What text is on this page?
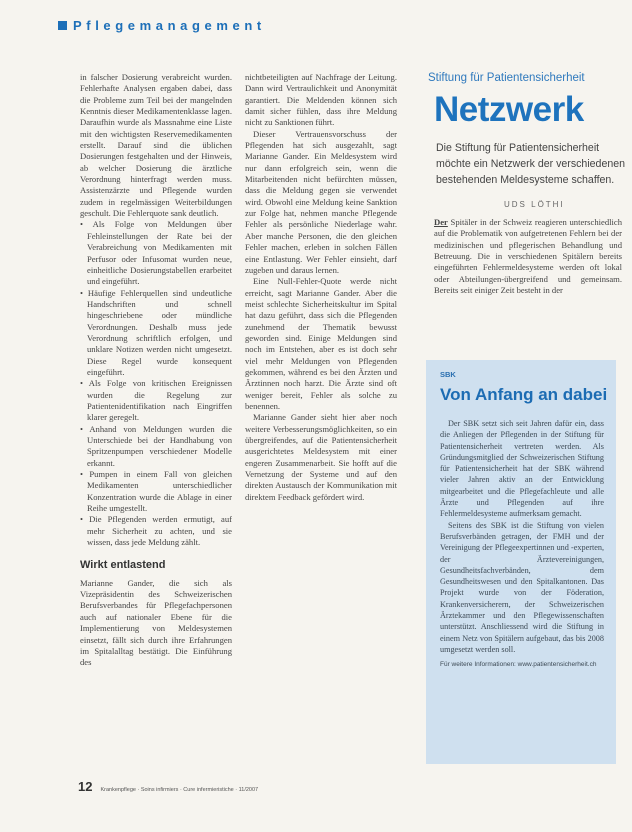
Pflegemanagement

in falscher Dosierung verabreicht wurden. Fehlerhafte Analysen ergaben dabei, dass die Probleme zum Teil bei der mangelnden Kenntnis dieser Medikamentenklasse lagen. Daraufhin wurde als Massnahme eine Liste mit den wichtigsten Reservemedikamenten erstellt. Darauf sind die üblichen Dosierungen festgehalten und der Hinweis, ab welcher Dosierung die ärztliche Verordnung hinterfragt werden muss. Assistenzärzte und Pflegende wurden zudem in regelmässigen Weiterbildungen geschult. Die Fehlerquote sank deutlich.

• Als Folge von Meldungen über Fehleinstellungen der Rate bei der Verabreichung von Medikamenten mit Perfusor oder Infusomat wurden neue, einheitliche Dosierungstabellen erarbeitet und eingeführt.

• Häufige Fehlerquellen sind undeutliche Handschriften und schnell hingeschriebene oder mündliche Verordnungen. Deshalb muss jede Verordnung schriftlich erfolgen, und unklare Notizen werden nicht umgesetzt. Diese Regel wurde konsequent eingeführt.

• Als Folge von kritischen Ereignissen wurden die Regelung zur Patientenidentifikation nach Eingriffen klarer geregelt.

• Anhand von Meldungen wurden die Unterschiede bei der Handhabung von Spritzenpumpen verschiedener Modelle erkannt.

• Pumpen in einem Fall von gleichen Medikamenten unterschiedlicher Konzentration wurde die Ablage in einer Reihe umgestellt.

• Die Pflegenden werden ermutigt, auf mehr Sicherheit zu achten, und sie wissen, dass jede Meldung zählt.

Wirkt entlastend

Marianne Gander, die sich als Vizepräsidentin des Schweizerischen Berufsverbandes für Pflegefachpersonen auch auf nationaler Ebene für die Implementierung von Meldesystemen einsetzt, fällt sich durch ihre Erfahrungen im Spitalalltag bestätigt. Die Einführung des

nichtbeteiligten auf Nachfrage der Leitung. Dann wird Vertraulichkeit und Anonymität garantiert. Die Meldenden können sich damit sicher fühlen, dass ihre Meldung nicht zu Sanktionen führt.

Dieser Vertrauensvorschuss der Pflegenden hat sich ausgezahlt, sagt Marianne Gander. Ein Meldesystem wird nur dann erfolgreich sein, wenn die Mitarbeitenden nicht befürchten müssen, dass die Meldung gegen sie verwendet wird. Obwohl eine Meldung keine Sanktion zur Folge hat, nehmen manche Pflegende Fehler als persönliche Niederlage wahr. Aber manche Personen, die den gleichen Fehler machen, erleben in solchen Fällen eine Entlastung. Wer Fehler einsieht, darf zugeben und daraus lernen.

Eine Null-Fehler-Quote werde nicht erreicht, sagt Marianne Gander. Aber die meist schlechte Sicherheitskultur im Spital hat dazu geführt, dass sich die Pflegenden zunehmend der Thematik bewusst geworden sind. Einige Meldungen sind noch im Entstehen, aber es ist doch sehr viel mehr Meldungen von Pflegenden gekommen, während es bei den Ärzten und Ärztinnen noch harzt. Die Ärzte sind oft weniger bereit, Fehler als solche zu benennen.

Marianne Gander sieht hier aber noch weitere Verbesserungsmöglichkeiten, so ein übergreifendes, auf die Patientensicherheit ausgerichtetes Meldesystem mit einer engeren Zusammenarbeit. Sie hofft auf die Vernetzung der Systeme und auf den direkten Austausch der Kommunikation mit direktem Feedback gefördert wird.

12 Krankenpflege · Soins infirmiers · Cure infermieristiche · 11/2007
Stiftung für Patientensicherheit
Netzwerk
Die Stiftung für Patientensicherheit möchte ein Netzwerk der verschiedenen bestehenden Meldesysteme schaffen.
UDS LÖTHI
Der Spitäler in der Schweiz reagieren unterschiedlich auf die Problematik von aufgetretenen Fehlern bei der medizinischen und pflegerischen Behandlung und Betreuung. Die in verschiedenen Spitälern bereits eingeführten Fehlermeldesysteme werden oft lokal oder Abteilungen-übergreifend und gemeinsam. Bereits seit einiger Zeit besteht in der
SBK
Von Anfang an dabei

Der SBK setzt sich seit Jahren dafür ein, dass die Anliegen der Pflegenden in der Stiftung für Patientensicherheit vertreten werden. Als Gründungsmitglied der Schweizerischen Stiftung für Patientensicherheit hat der SBK während vieler Jahren aktiv an der Entwicklung mitgearbeitet und die Pflegefachleute und alle Ärzte und Pflegenden auf ihre Fehlermeldesysteme aufmerksam gemacht.

Seitens des SBK ist die Stiftung von vielen Berufsverbänden getragen, der FMH und der Vereinigung der Pflegeexpertinnen und -experten, der Ärztevereinigungen, Gesundheitsfachverbänden, dem Gesundheitswesen und den Spitalkantonen. Das Projekt wurde von der Föderation, Krankenversicherern, der Schweizerischen Ärztekammer und den Pflegewissenschaften unterstützt. Anschliessend wird die Stiftung in einem Netz von Spitälern aufgebaut, das bis 2008 umgesetzt werden soll.

Für weitere Informationen: www.patientensicherheit.ch
